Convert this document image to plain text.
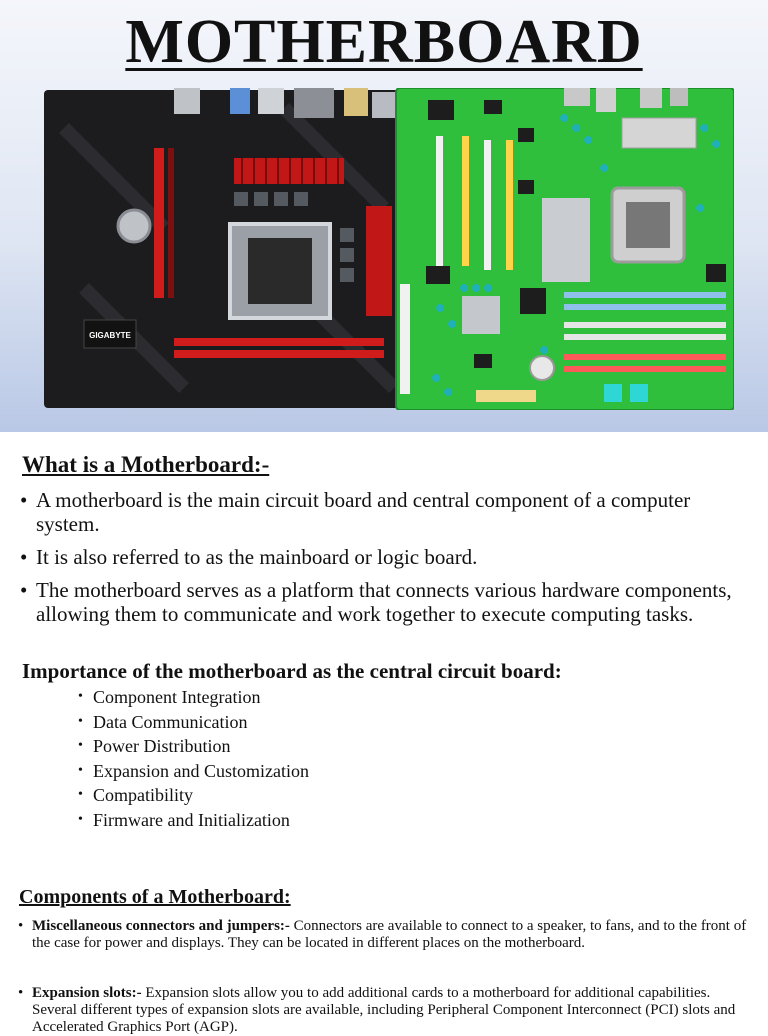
MOTHERBOARD
GIGABYTE
What is a Motherboard:-
• A motherboard is the main circuit board and central component of a computer system.
• It is also referred to as the mainboard or logic board.
• The motherboard serves as a platform that connects various hardware components, allowing them to communicate and work together to execute computing tasks.
Importance of the motherboard as the central circuit board:
• Component Integration
• Data Communication
• Power Distribution
• Expansion and Customization
• Compatibility
• Firmware and Initialization
Components of a Motherboard:
• Miscellaneous connectors and jumpers:- Connectors are available to connect to a speaker, to fans, and to the front of the case for power and displays. They can be located in different places on the motherboard.
• Expansion slots:- Expansion slots allow you to add additional cards to a motherboard for additional capabilities. Several different types of expansion slots are available, including Peripheral Component Interconnect (PCI) slots and Accelerated Graphics Port (AGP).
